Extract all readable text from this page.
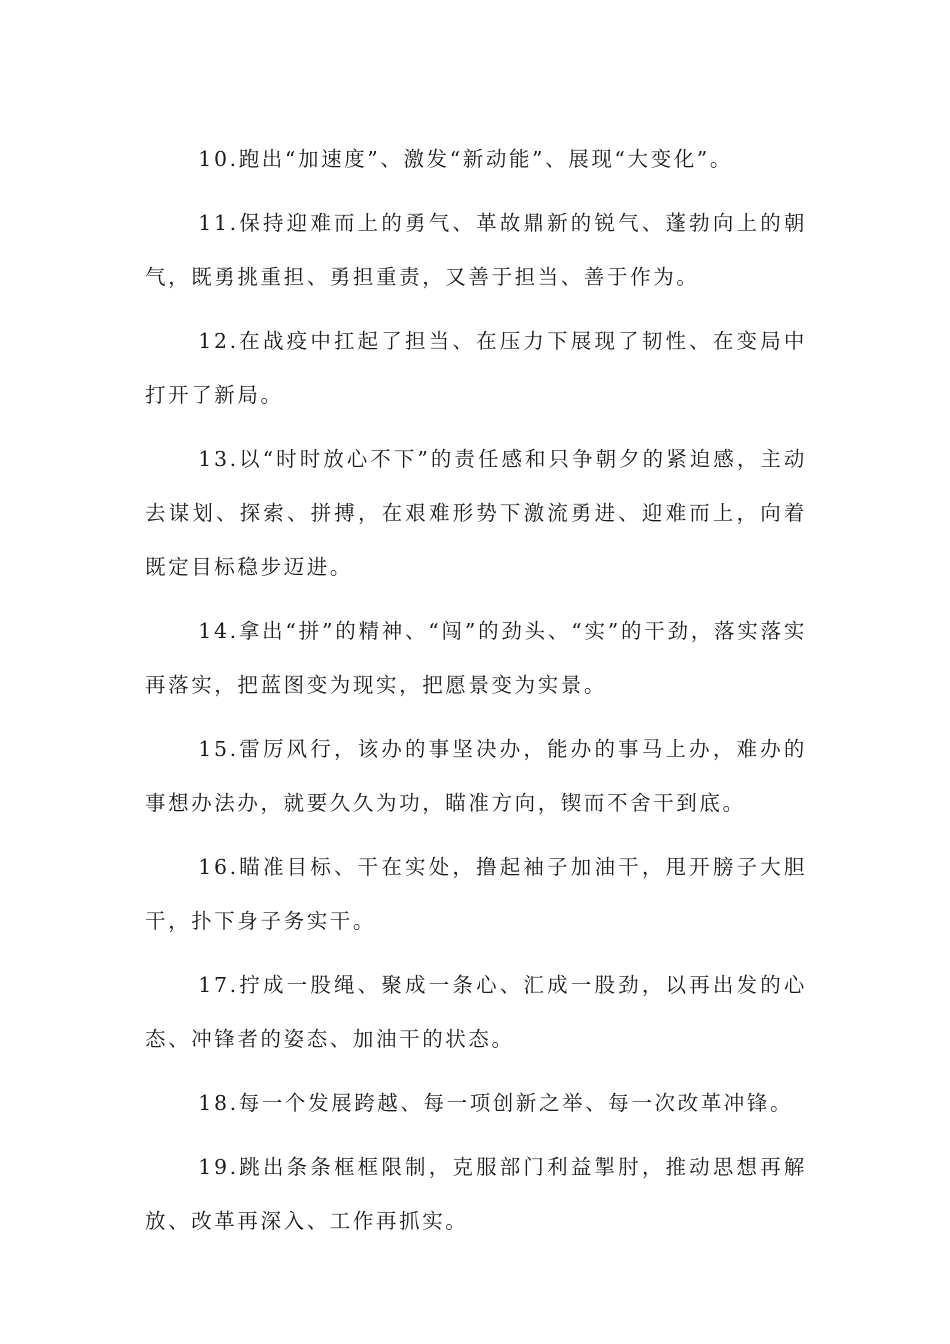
10.跑出“加速度”、激发“新动能”、展现“大变化”。

11.保持迎难而上的勇气、革故鼎新的锐气、蓬勃向上的朝气，既勇挑重担、勇担重责，又善于担当、善于作为。

12.在战疫中扛起了担当、在压力下展现了韧性、在变局中打开了新局。

13.以“时时放心不下”的责任感和只争朝夕的紧迫感，主动去谋划、探索、拼搏，在艰难形势下激流勇进、迎难而上，向着既定目标稳步迈进。

14.拿出“拼”的精神、“闯”的劲头、“实”的干劲，落实落实再落实，把蓝图变为现实，把愿景变为实景。

15.雷厉风行，该办的事坚决办，能办的事马上办，难办的事想办法办，就要久久为功，瞄准方向，锲而不舍干到底。

16.瞄准目标、干在实处，撸起袖子加油干，甩开膀子大胆干，扑下身子务实干。

17.拧成一股绳、聚成一条心、汇成一股劲，以再出发的心态、冲锋者的姿态、加油干的状态。

18.每一个发展跨越、每一项创新之举、每一次改革冲锋。

19.跳出条条框框限制，克服部门利益掣肘，推动思想再解放、改革再深入、工作再抓实。
